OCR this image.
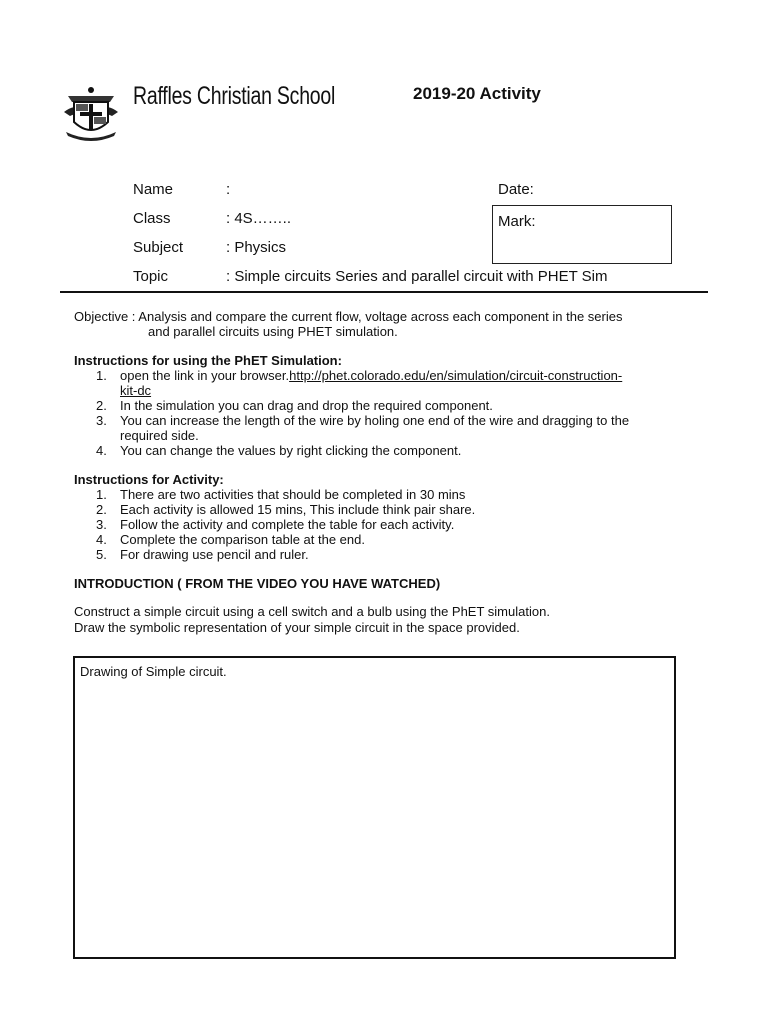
Raffles Christian School	2019-20 Activity
Name	:	Date:
Class	: 4S……..	Mark:
Subject	: Physics
Topic	: Simple circuits Series and parallel circuit with PHET Sim
Objective : Analysis and compare the current flow, voltage across each component in the series
and parallel circuits using PHET simulation.
Instructions for using the PhET Simulation:
1. open the link in your browser.http://phet.colorado.edu/en/simulation/circuit-construction-
kit-dc
2. In the simulation you can drag and drop the required component.
3. You can increase the length of the wire by holing one end of the wire and dragging to the
required side.
4. You can change the values by right clicking the component.
Instructions for Activity:
1. There are two activities that should be completed in 30 mins
2. Each activity is allowed 15 mins, This include think pair share.
3. Follow the activity and complete the table for each activity.
4. Complete the comparison table at the end.
5. For drawing use pencil and ruler.
INTRODUCTION ( FROM THE VIDEO YOU HAVE WATCHED)
Construct a simple circuit using a cell switch and a bulb using the PhET simulation.
Draw the symbolic representation of your simple circuit in the space provided.
Drawing of Simple circuit.
